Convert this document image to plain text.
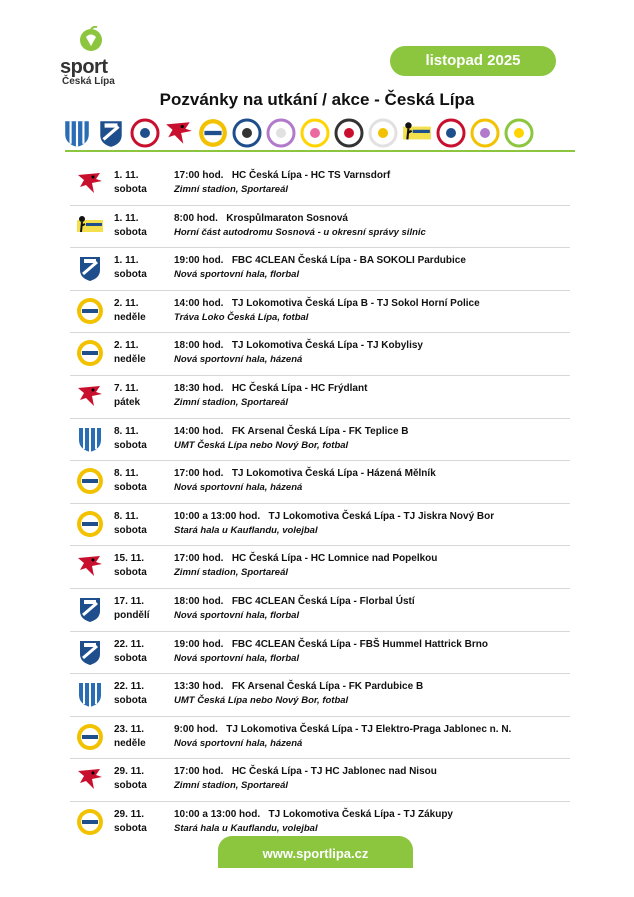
sport
Česká Lípa
listopad 2025
Pozvánky na utkání / akce - Česká Lípa
1. 11.
sobota
17:00 hod. HC Česká Lípa - HC TS Varnsdorf
Zimní stadion, Sportareál
1. 11.
sobota
8:00 hod. Krospůlmaraton Sosnová
Horní část autodromu Sosnová - u okresní správy silnic
1. 11.
sobota
19:00 hod. FBC 4CLEAN Česká Lípa - BA SOKOLI Pardubice
Nová sportovní hala, florbal
2. 11.
neděle
14:00 hod. TJ Lokomotiva Česká Lípa B - TJ Sokol Horní Police
Tráva Loko Česká Lípa, fotbal
2. 11.
neděle
18:00 hod. TJ Lokomotiva Česká Lípa - TJ Kobylisy
Nová sportovní hala, házená
7. 11.
pátek
18:30 hod. HC Česká Lípa - HC Frýdlant
Zimní stadion, Sportareál
8. 11.
sobota
14:00 hod. FK Arsenal Česká Lípa - FK Teplice B
UMT Česká Lípa nebo Nový Bor, fotbal
8. 11.
sobota
17:00 hod. TJ Lokomotiva Česká Lípa - Házená Mělník
Nová sportovní hala, házená
8. 11.
sobota
10:00 a 13:00 hod. TJ Lokomotiva Česká Lípa - TJ Jiskra Nový Bor
Stará hala u Kauflandu, volejbal
15. 11.
sobota
17:00 hod. HC Česká Lípa - HC Lomnice nad Popelkou
Zimní stadion, Sportareál
17. 11.
pondělí
18:00 hod. FBC 4CLEAN Česká Lípa - Florbal Ústí
Nová sportovní hala, florbal
22. 11.
sobota
19:00 hod. FBC 4CLEAN Česká Lípa - FBŠ Hummel Hattrick Brno
Nová sportovní hala, florbal
22. 11.
sobota
13:30 hod. FK Arsenal Česká Lípa - FK Pardubice B
UMT Česká Lípa nebo Nový Bor, fotbal
23. 11.
neděle
9:00 hod. TJ Lokomotiva Česká Lípa - TJ Elektro-Praga Jablonec n. N.
Nová sportovní hala, házená
29. 11.
sobota
17:00 hod. HC Česká Lípa - TJ HC Jablonec nad Nisou
Zimní stadion, Sportareál
29. 11.
sobota
10:00 a 13:00 hod. TJ Lokomotiva Česká Lípa - TJ Zákupy
Stará hala u Kauflandu, volejbal
www.sportlipa.cz
